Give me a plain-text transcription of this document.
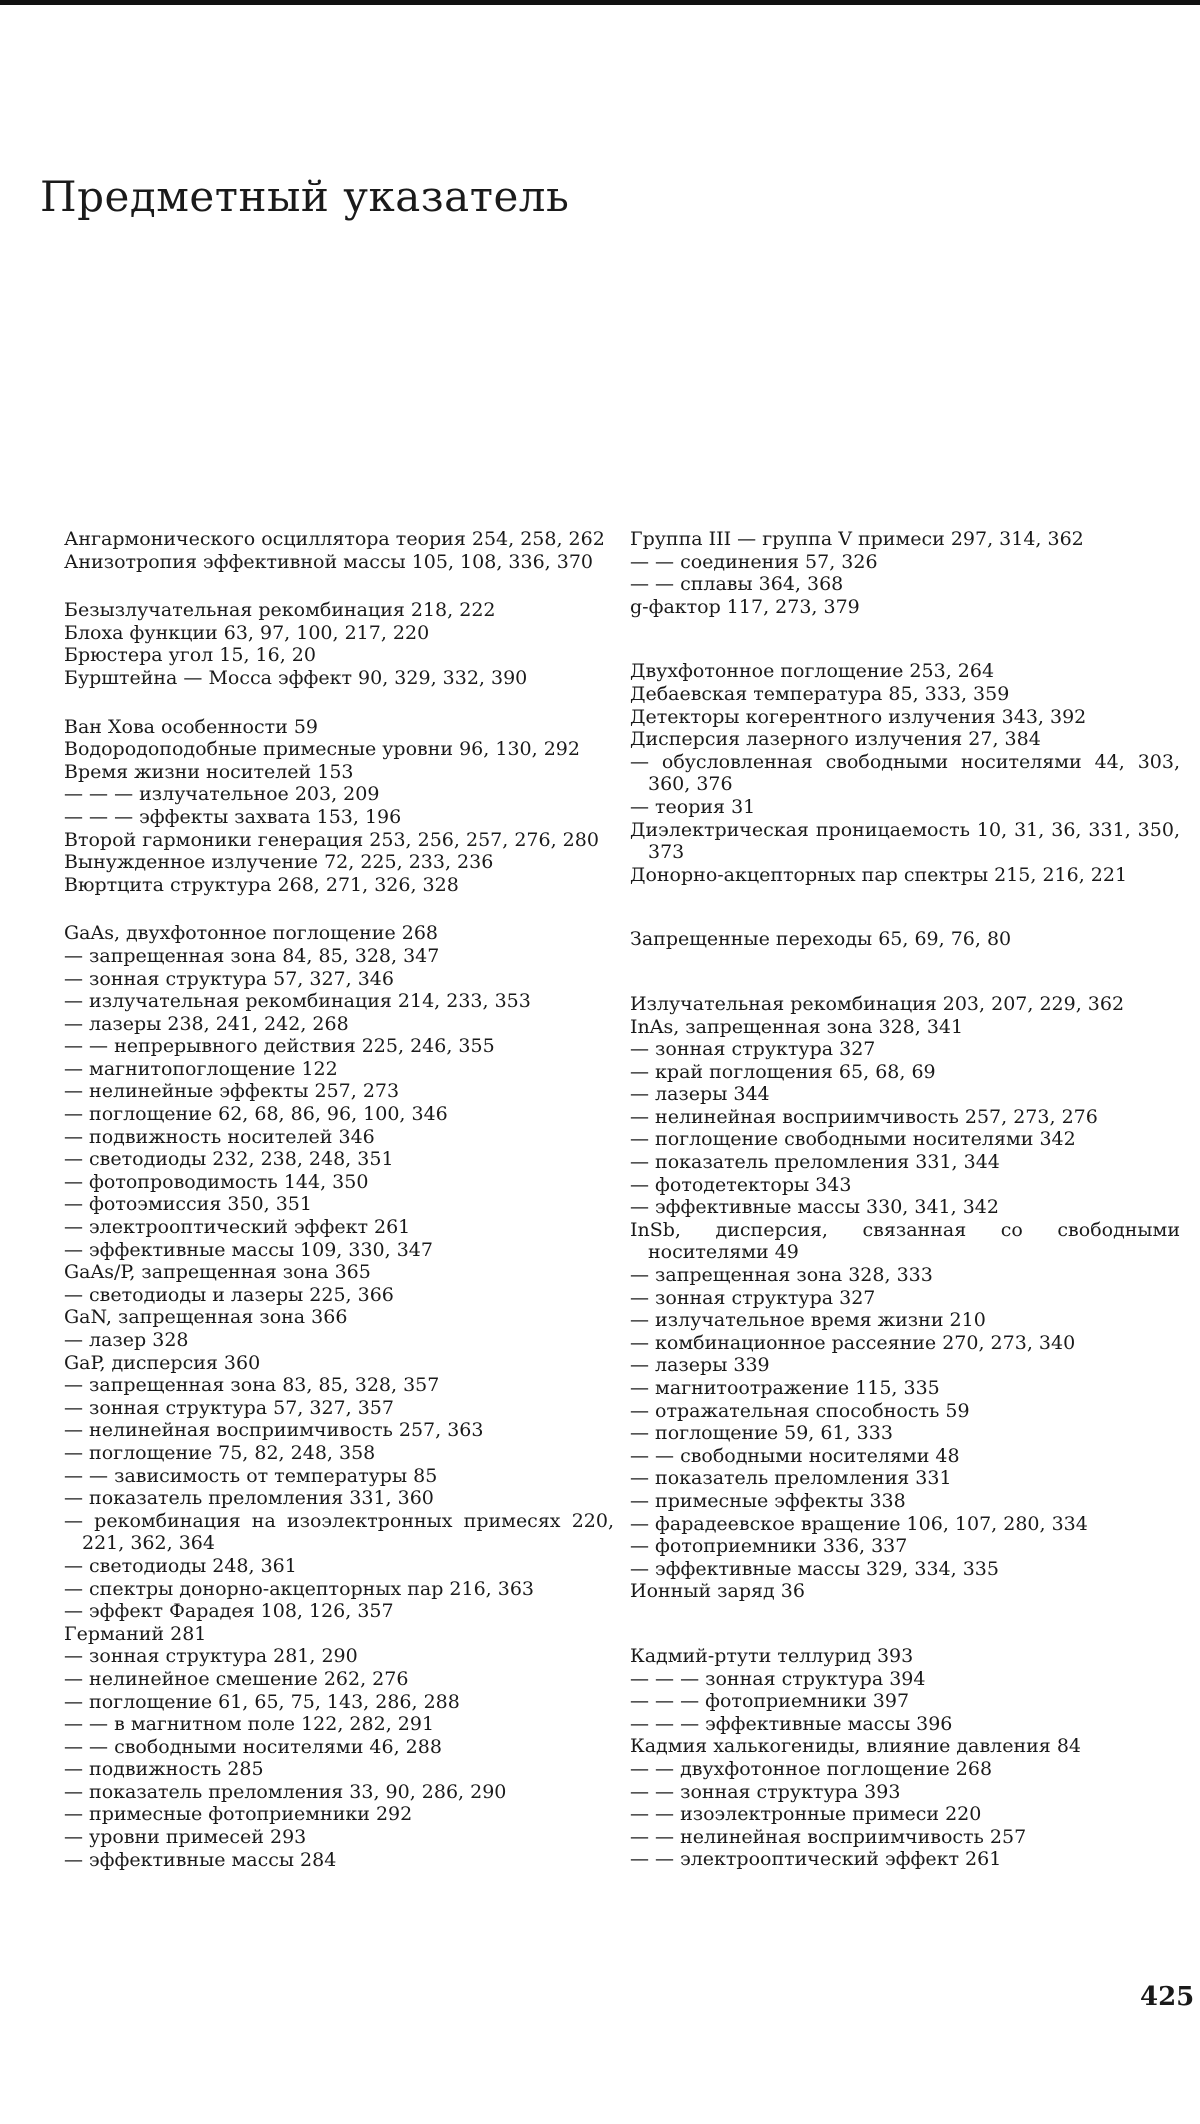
Предметный указатель
Ангармонического осциллятора теория 254, 258, 262
Анизотропия эффективной массы 105, 108, 336, 370
Безызлучательная рекомбинация 218, 222
Блоха функции 63, 97, 100, 217, 220
Брюстера угол 15, 16, 20
Бурштейна — Мосса эффект 90, 329, 332, 390
Ван Хова особенности 59
Водородоподобные примесные уровни 96, 130, 292
Время жизни носителей 153
— — — излучательное 203, 209
— — — эффекты захвата 153, 196
Второй гармоники генерация 253, 256, 257, 276, 280
Вынужденное излучение 72, 225, 233, 236
Вюртцита структура 268, 271, 326, 328
GaAs, двухфотонное поглощение 268
— запрещенная зона 84, 85, 328, 347
— зонная структура 57, 327, 346
— излучательная рекомбинация 214, 233, 353
— лазеры 238, 241, 242, 268
— — непрерывного действия 225, 246, 355
— магнитопоглощение 122
— нелинейные эффекты 257, 273
— поглощение 62, 68, 86, 96, 100, 346
— подвижность носителей 346
— светодиоды 232, 238, 248, 351
— фотопроводимость 144, 350
— фотоэмиссия 350, 351
— электрооптический эффект 261
— эффективные массы 109, 330, 347
GaAs/P, запрещенная зона 365
— светодиоды и лазеры 225, 366
GaN, запрещенная зона 366
— лазер 328
GaP, дисперсия 360
— запрещенная зона 83, 85, 328, 357
— зонная структура 57, 327, 357
— нелинейная восприимчивость 257, 363
— поглощение 75, 82, 248, 358
— — зависимость от температуры 85
— показатель преломления 331, 360
— рекомбинация на изоэлектронных примесях 220, 221, 362, 364
— светодиоды 248, 361
— спектры донорно-акцепторных пар 216, 363
— эффект Фарадея 108, 126, 357
Германий 281
— зонная структура 281, 290
— нелинейное смешение 262, 276
— поглощение 61, 65, 75, 143, 286, 288
— — в магнитном поле 122, 282, 291
— — свободными носителями 46, 288
— подвижность 285
— показатель преломления 33, 90, 286, 290
— примесные фотоприемники 292
— уровни примесей 293
— эффективные массы 284
Группа III — группа V примеси 297, 314, 362
— — соединения 57, 326
— — сплавы 364, 368
g-фактор 117, 273, 379
Двухфотонное поглощение 253, 264
Дебаевская температура 85, 333, 359
Детекторы когерентного излучения 343, 392
Дисперсия лазерного излучения 27, 384
— обусловленная свободными носителями 44, 303, 360, 376
— теория 31
Диэлектрическая проницаемость 10, 31, 36, 331, 350, 373
Донорно-акцепторных пар спектры 215, 216, 221
Запрещенные переходы 65, 69, 76, 80
Излучательная рекомбинация 203, 207, 229, 362
InAs, запрещенная зона 328, 341
— зонная структура 327
— край поглощения 65, 68, 69
— лазеры 344
— нелинейная восприимчивость 257, 273, 276
— поглощение свободными носителями 342
— показатель преломления 331, 344
— фотодетекторы 343
— эффективные массы 330, 341, 342
InSb, дисперсия, связанная со свободными носителями 49
— запрещенная зона 328, 333
— зонная структура 327
— излучательное время жизни 210
— комбинационное рассеяние 270, 273, 340
— лазеры 339
— магнитоотражение 115, 335
— отражательная способность 59
— поглощение 59, 61, 333
— — свободными носителями 48
— показатель преломления 331
— примесные эффекты 338
— фарадеевское вращение 106, 107, 280, 334
— фотоприемники 336, 337
— эффективные массы 329, 334, 335
Ионный заряд 36
Кадмий-ртути теллурид 393
— — — зонная структура 394
— — — фотоприемники 397
— — — эффективные массы 396
Кадмия халькогениды, влияние давления 84
— — двухфотонное поглощение 268
— — зонная структура 393
— — изоэлектронные примеси 220
— — нелинейная восприимчивость 257
— — электрооптический эффект 261
425
